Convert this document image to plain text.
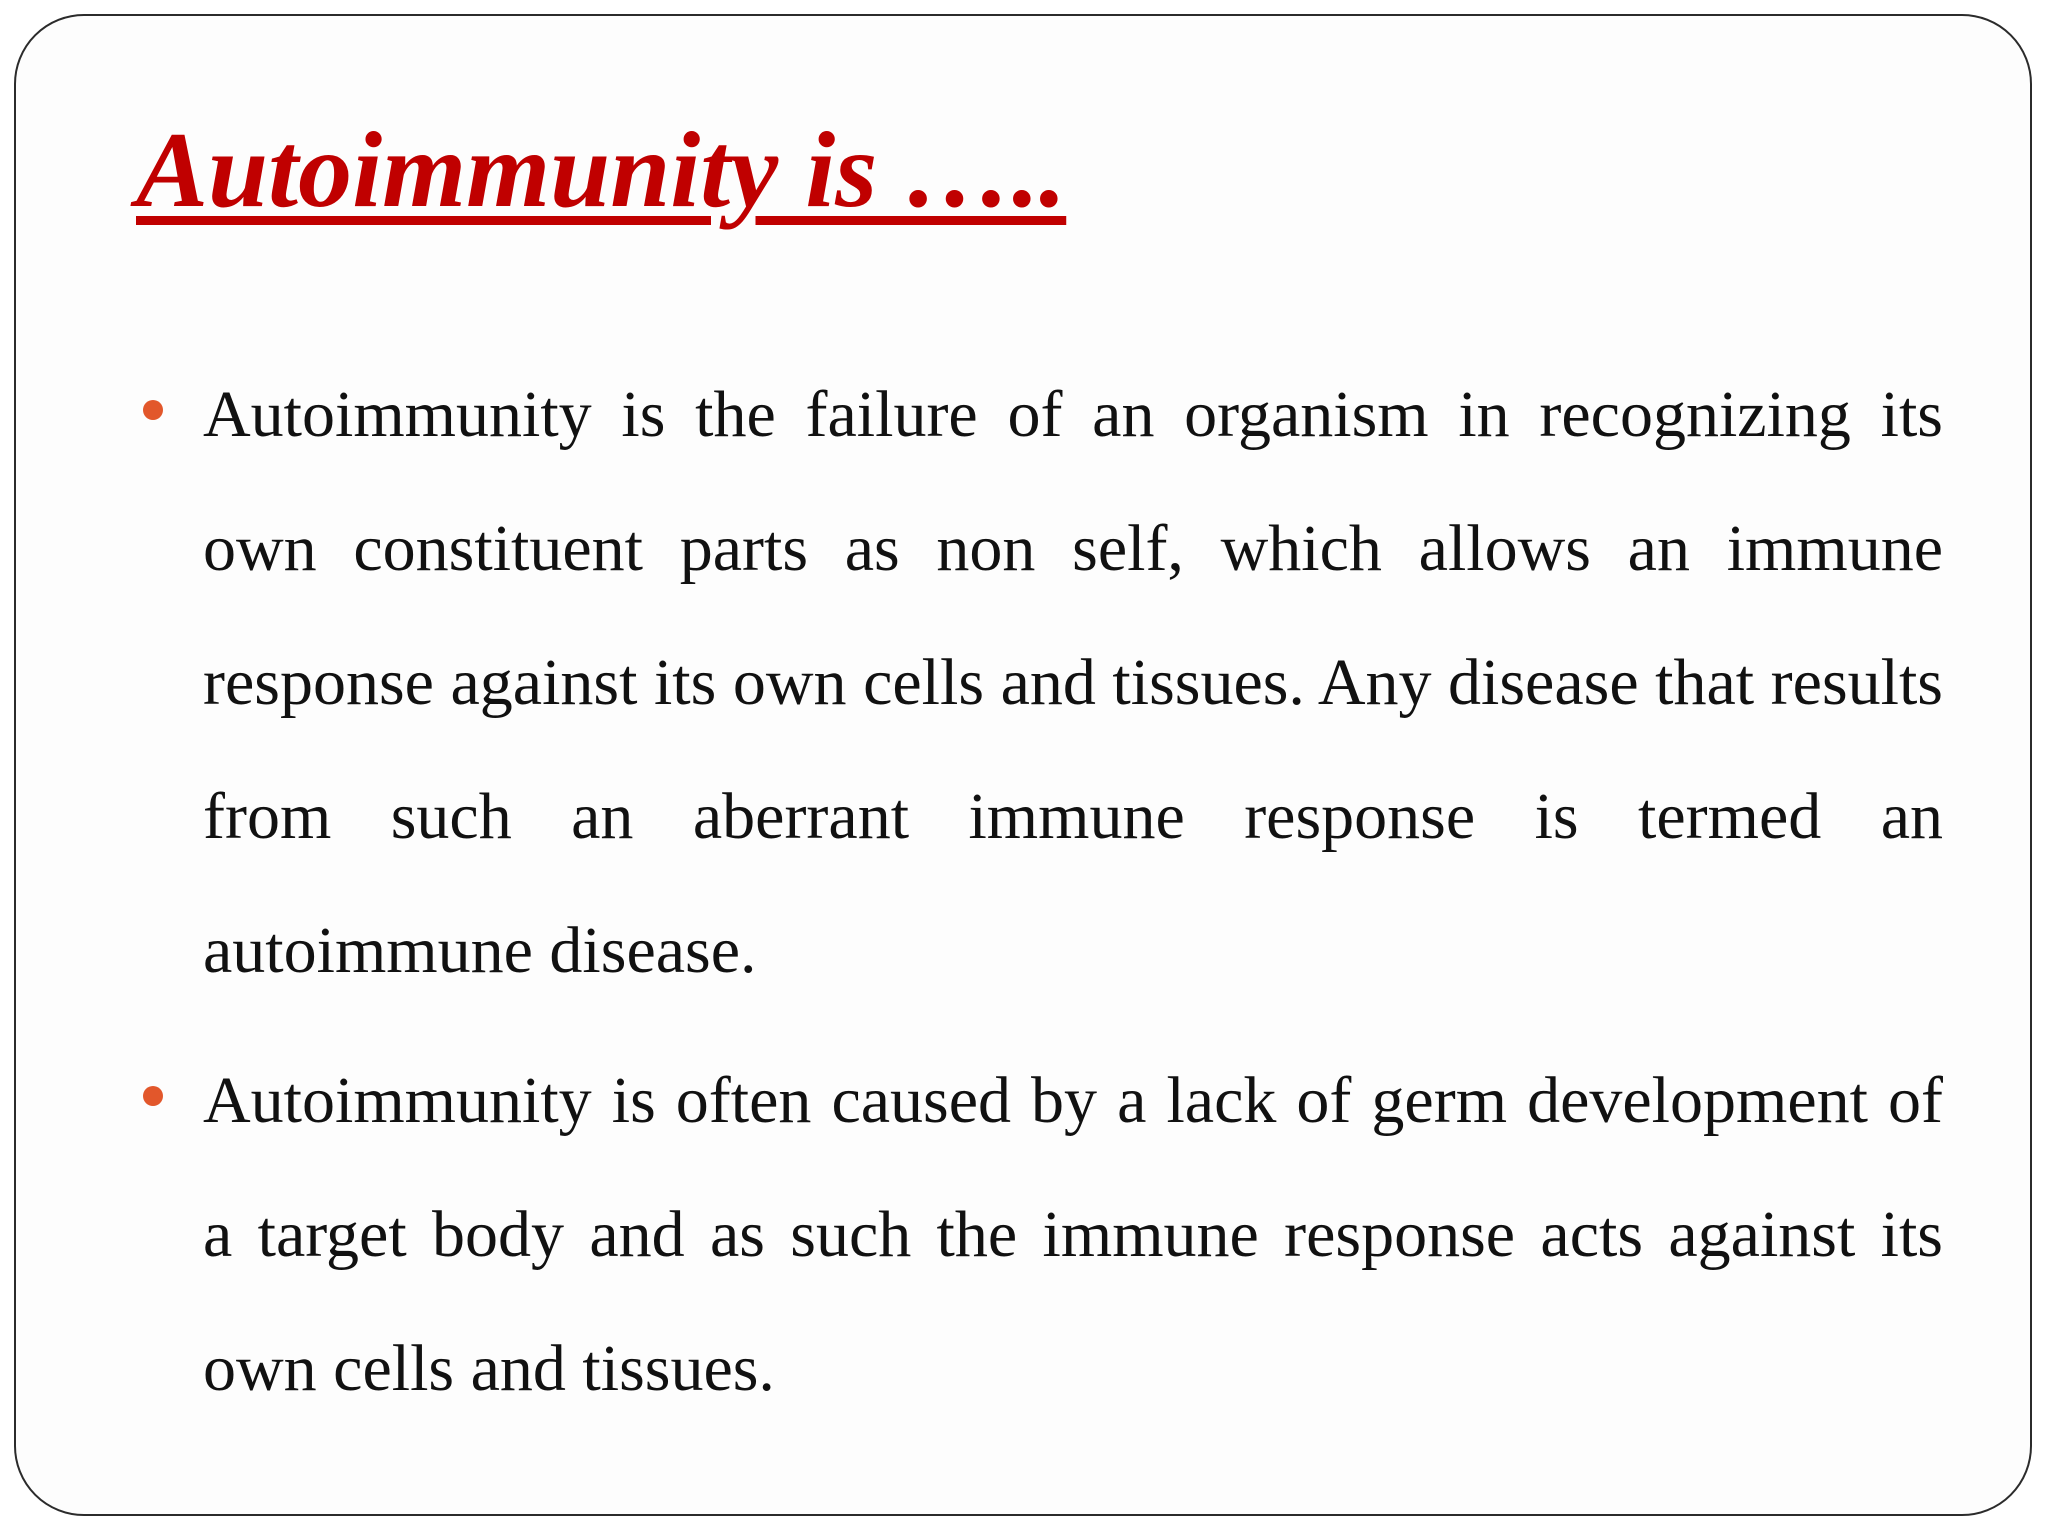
Autoimmunity is …..
Autoimmunity is the failure of an organism in recognizing its own constituent parts as non self, which allows an immune response against its own cells and tissues. Any disease that results from such an aberrant immune response is termed an autoimmune disease.
Autoimmunity is often caused by a lack of germ development of a target body and as such the immune response acts against its own cells and tissues.
